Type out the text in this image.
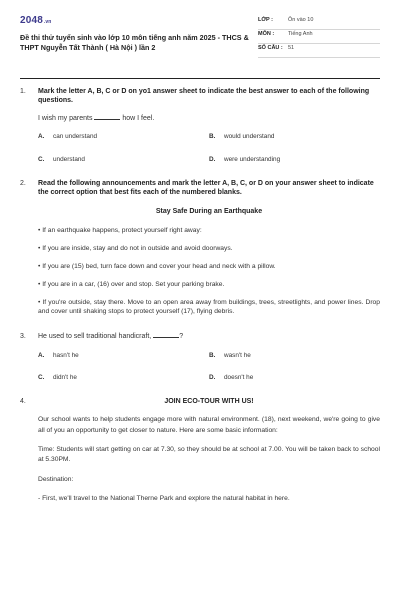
2048 .vn
Đề thi thử tuyển sinh vào lớp 10 môn tiếng anh năm 2025 - THCS & THPT Nguyễn Tất Thành ( Hà Nội ) lần 2
LỚP :	Ôn vào 10
MÔN :	Tiếng Anh
SỐ CÂU : 51
1.	Mark the letter A, B, C or D on yo1 answer sheet to indicate the best answer to each of the following questions.
I wish my parents	how I feel.
A.	can understand	B.	would understand
C.	understand	D.	were understanding
2.	Read the following announcements and mark the letter A, B, C, or D on your answer sheet to indicate the correct option that best fits each of the numbered blanks.
Stay Safe During an Earthquake
• If an earthquake happens, protect yourself right away:
• If you are inside, stay and do not in outside and avoid doorways.
• If you are (15) bed, turn face down and cover your head and neck with a pillow.
• If you are in a car, (16) over and stop. Set your parking brake.
• If you're outside, stay there. Move to an open area away from buildings, trees, streetlights, and power lines. Drop and cover until shaking stops to protect yourself (17), flying debris.
3.	He used to sell traditional handicraft,	?
A.	hasn't he	B.	wasn't he
C.	didn't he	D.	doesn't he
4.	JOIN ECO-TOUR WITH US!
Our school wants to help students engage more with natural environment. (18), next weekend, we're going to give all of you an opportunity to get closer to nature. Here are some basic information:
Time: Students will start getting on car at 7.30, so they should be at school at 7.00. You will be taken back to school at 5.30PM.
Destination:
- First, we'll travel to the National Therne Park and explore the natural habitat in here.
